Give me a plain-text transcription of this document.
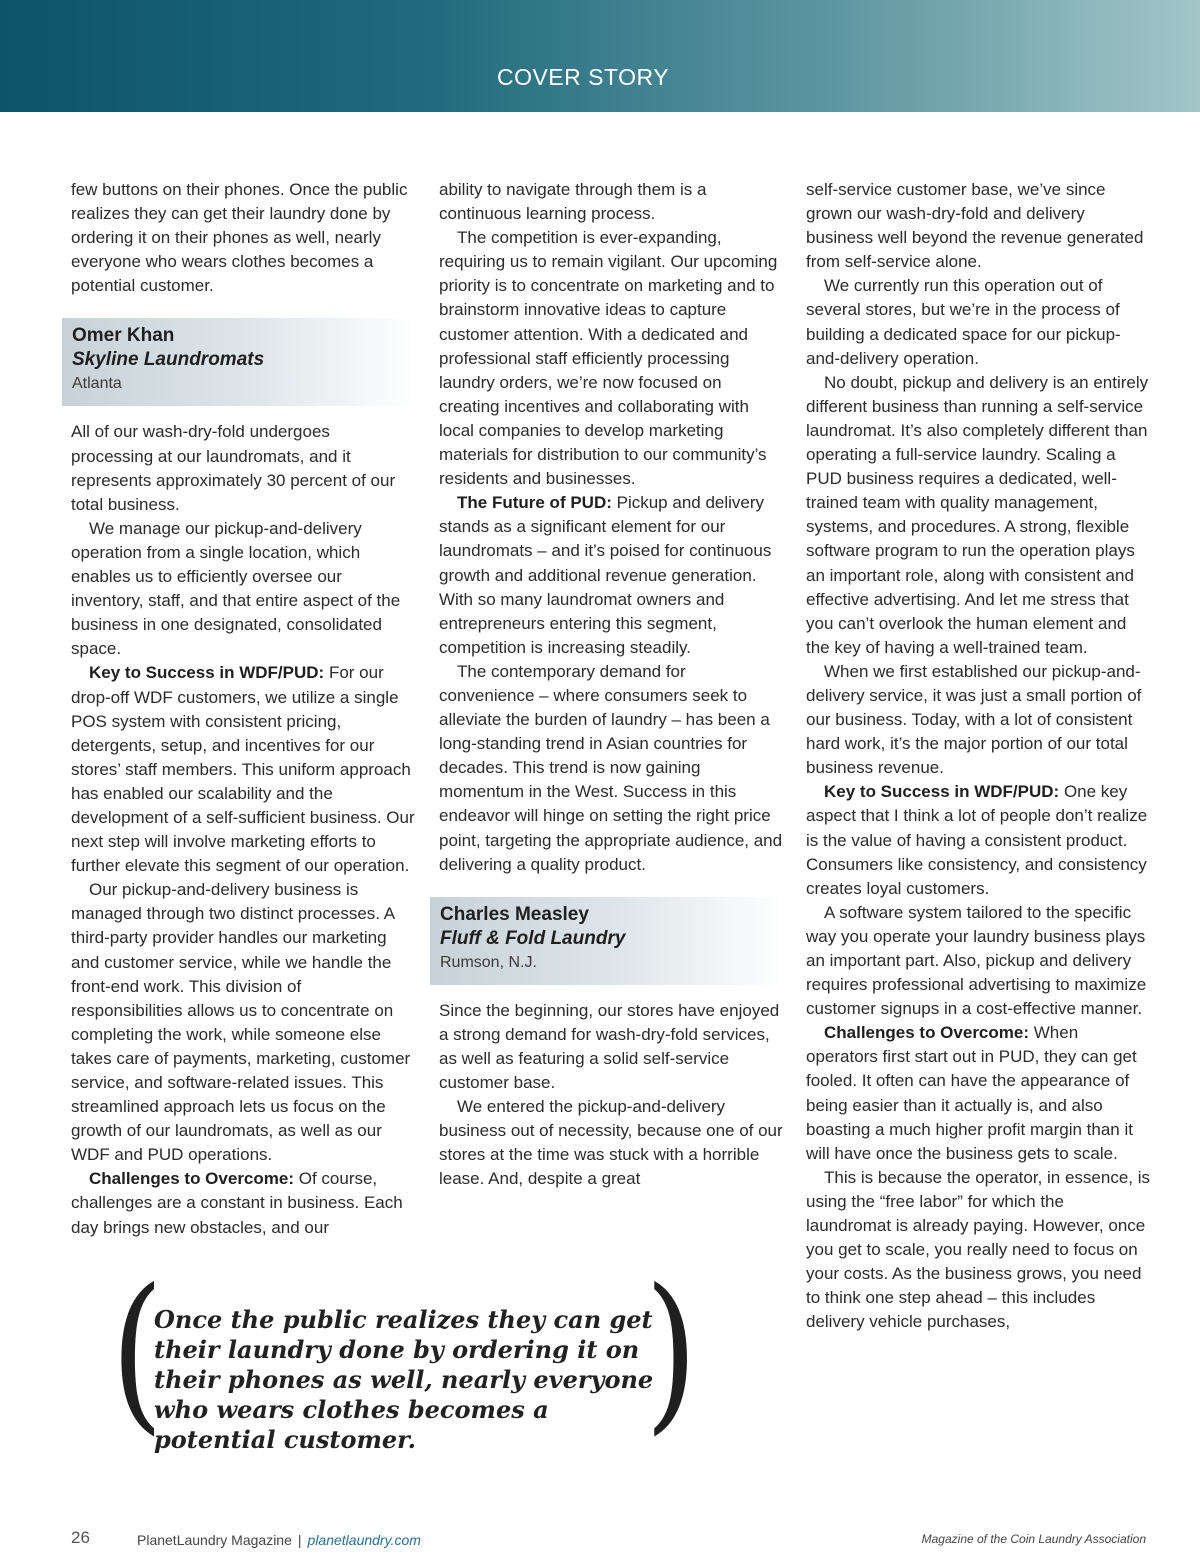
COVER STORY

few buttons on their phones. Once the public realizes they can get their laundry done by ordering it on their phones as well, nearly everyone who wears clothes becomes a potential customer.

Omer Khan
Skyline Laundromats
Atlanta

All of our wash-dry-fold undergoes processing at our laundromats, and it represents approximately 30 percent of our total business.

We manage our pickup-and-delivery operation from a single location, which enables us to efficiently oversee our inventory, staff, and that entire aspect of the business in one designated, consolidated space.

Key to Success in WDF/PUD: For our drop-off WDF customers, we utilize a single POS system with consistent pricing, detergents, setup, and incentives for our stores’ staff members. This uniform approach has enabled our scalability and the development of a self-sufficient business. Our next step will involve marketing efforts to further elevate this segment of our operation.

Our pickup-and-delivery business is managed through two distinct processes. A third-party provider handles our marketing and customer service, while we handle the front-end work. This division of responsibilities allows us to concentrate on completing the work, while someone else takes care of payments, marketing, customer service, and software-related issues. This streamlined approach lets us focus on the growth of our laundromats, as well as our WDF and PUD operations.

Challenges to Overcome: Of course, challenges are a constant in business. Each day brings new obstacles, and our

ability to navigate through them is a continuous learning process.

The competition is ever-expanding, requiring us to remain vigilant. Our upcoming priority is to concentrate on marketing and to brainstorm innovative ideas to capture customer attention. With a dedicated and professional staff efficiently processing laundry orders, we’re now focused on creating incentives and collaborating with local companies to develop marketing materials for distribution to our community’s residents and businesses.

The Future of PUD: Pickup and delivery stands as a significant element for our laundromats – and it’s poised for continuous growth and additional revenue generation. With so many laundromat owners and entrepreneurs entering this segment, competition is increasing steadily.

The contemporary demand for convenience – where consumers seek to alleviate the burden of laundry – has been a long-standing trend in Asian countries for decades. This trend is now gaining momentum in the West. Success in this endeavor will hinge on setting the right price point, targeting the appropriate audience, and delivering a quality product.

Charles Measley
Fluff & Fold Laundry
Rumson, N.J.

Since the beginning, our stores have enjoyed a strong demand for wash-dry-fold services, as well as featuring a solid self-service customer base.

We entered the pickup-and-delivery business out of necessity, because one of our stores at the time was stuck with a horrible lease. And, despite a great

self-service customer base, we’ve since grown our wash-dry-fold and delivery business well beyond the revenue generated from self-service alone.

We currently run this operation out of several stores, but we’re in the process of building a dedicated space for our pickup-and-delivery operation.

No doubt, pickup and delivery is an entirely different business than running a self-service laundromat. It’s also completely different than operating a full-service laundry. Scaling a PUD business requires a dedicated, well-trained team with quality management, systems, and procedures. A strong, flexible software program to run the operation plays an important role, along with consistent and effective advertising. And let me stress that you can’t overlook the human element and the key of having a well-trained team.

When we first established our pickup-and-delivery service, it was just a small portion of our business. Today, with a lot of consistent hard work, it’s the major portion of our total business revenue.

Key to Success in WDF/PUD: One key aspect that I think a lot of people don’t realize is the value of having a consistent product. Consumers like consistency, and consistency creates loyal customers.

A software system tailored to the specific way you operate your laundry business plays an important part. Also, pickup and delivery requires professional advertising to maximize customer signups in a cost-effective manner.

Challenges to Overcome: When operators first start out in PUD, they can get fooled. It often can have the appearance of being easier than it actually is, and also boasting a much higher profit margin than it will have once the business gets to scale.

This is because the operator, in essence, is using the “free labor” for which the laundromat is already paying. However, once you get to scale, you really need to focus on your costs. As the business grows, you need to think one step ahead – this includes delivery vehicle purchases,

(
Once the public realizes they can get their laundry done by ordering it on their phones as well, nearly everyone who wears clothes becomes a potential customer.	)
26	PlanetLaundry Magazine | planetlaundry.com	Magazine of the Coin Laundry Association
